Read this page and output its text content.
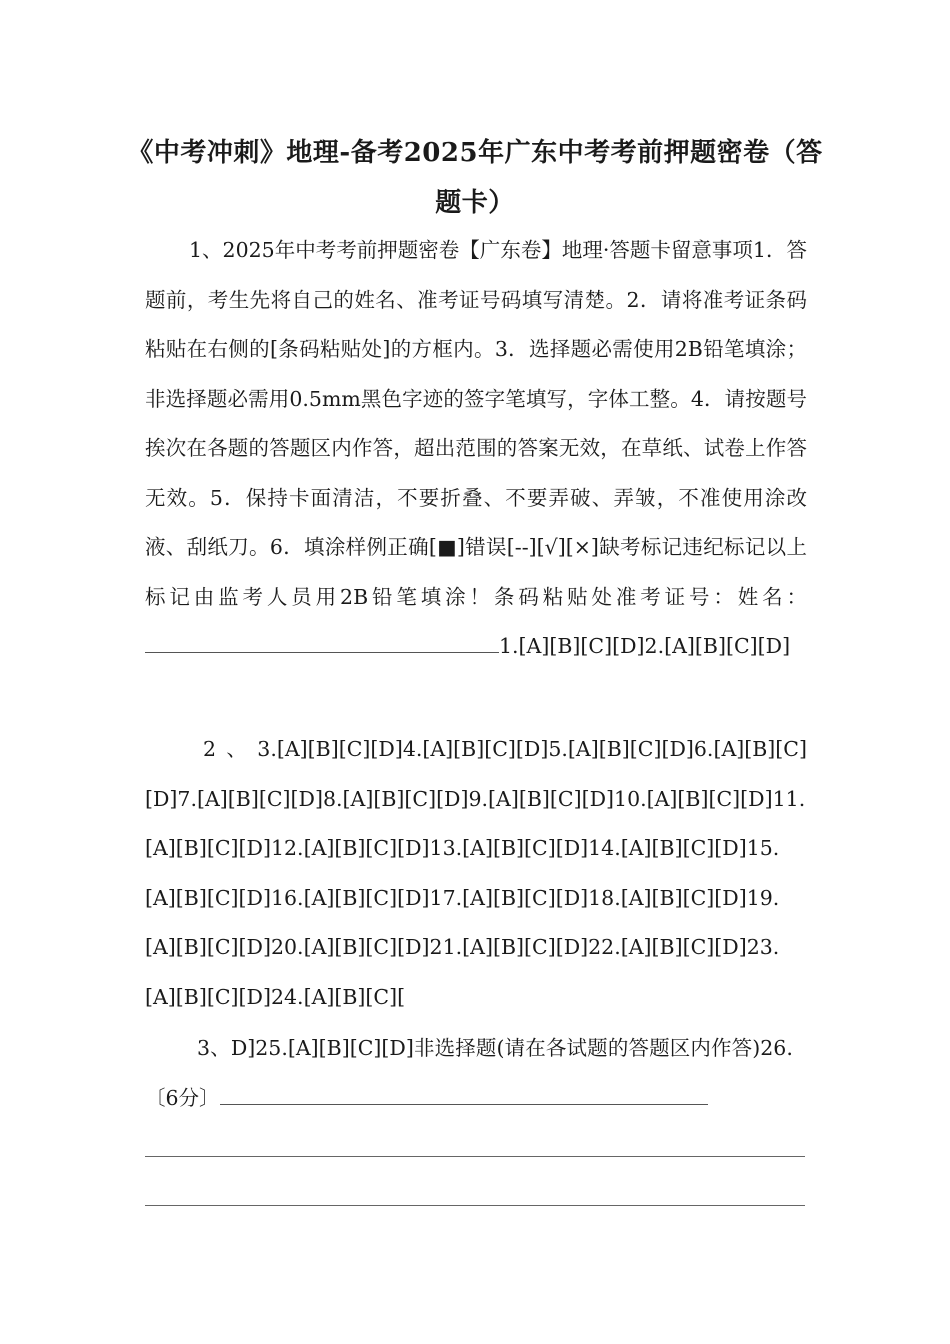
《中考冲刺》地理-备考2025年广东中考考前押题密卷（答题卡）
1、2025年中考考前押题密卷【广东卷】地理·答题卡留意事项1．答题前，考生先将自己的姓名、准考证号码填写清楚。2．请将准考证条码粘贴在右侧的[条码粘贴处]的方框内。3．选择题必需使用2B铅笔填涂；非选择题必需用0.5mm黑色字迹的签字笔填写，字体工整。4．请按题号挨次在各题的答题区内作答，超出范围的答案无效，在草纸、试卷上作答无效。5．保持卡面清洁，不要折叠、不要弄破、弄皱，不准使用涂改液、刮纸刀。6．填涂样例正确[■]错误[--][√][×]缺考标记违纪标记以上标记由监考人员用2B铅笔填涂！条码粘贴处准考证号：姓名：1.[A][B][C][D]2.[A][B][C][D]
2、3.[A][B][C][D]4.[A][B][C][D]5.[A][B][C][D]6.[A][B][C][D]7.[A][B][C][D]8.[A][B][C][D]9.[A][B][C][D]10.[A][B][C][D]11.[A][B][C][D]12.[A][B][C][D]13.[A][B][C][D]14.[A][B][C][D]15.[A][B][C][D]16.[A][B][C][D]17.[A][B][C][D]18.[A][B][C][D]19.[A][B][C][D]20.[A][B][C][D]21.[A][B][C][D]22.[A][B][C][D]23.[A][B][C][D]24.[A][B][C][
3、D]25.[A][B][C][D]非选择题(请在各试题的答题区内作答)26．〔6分〕
